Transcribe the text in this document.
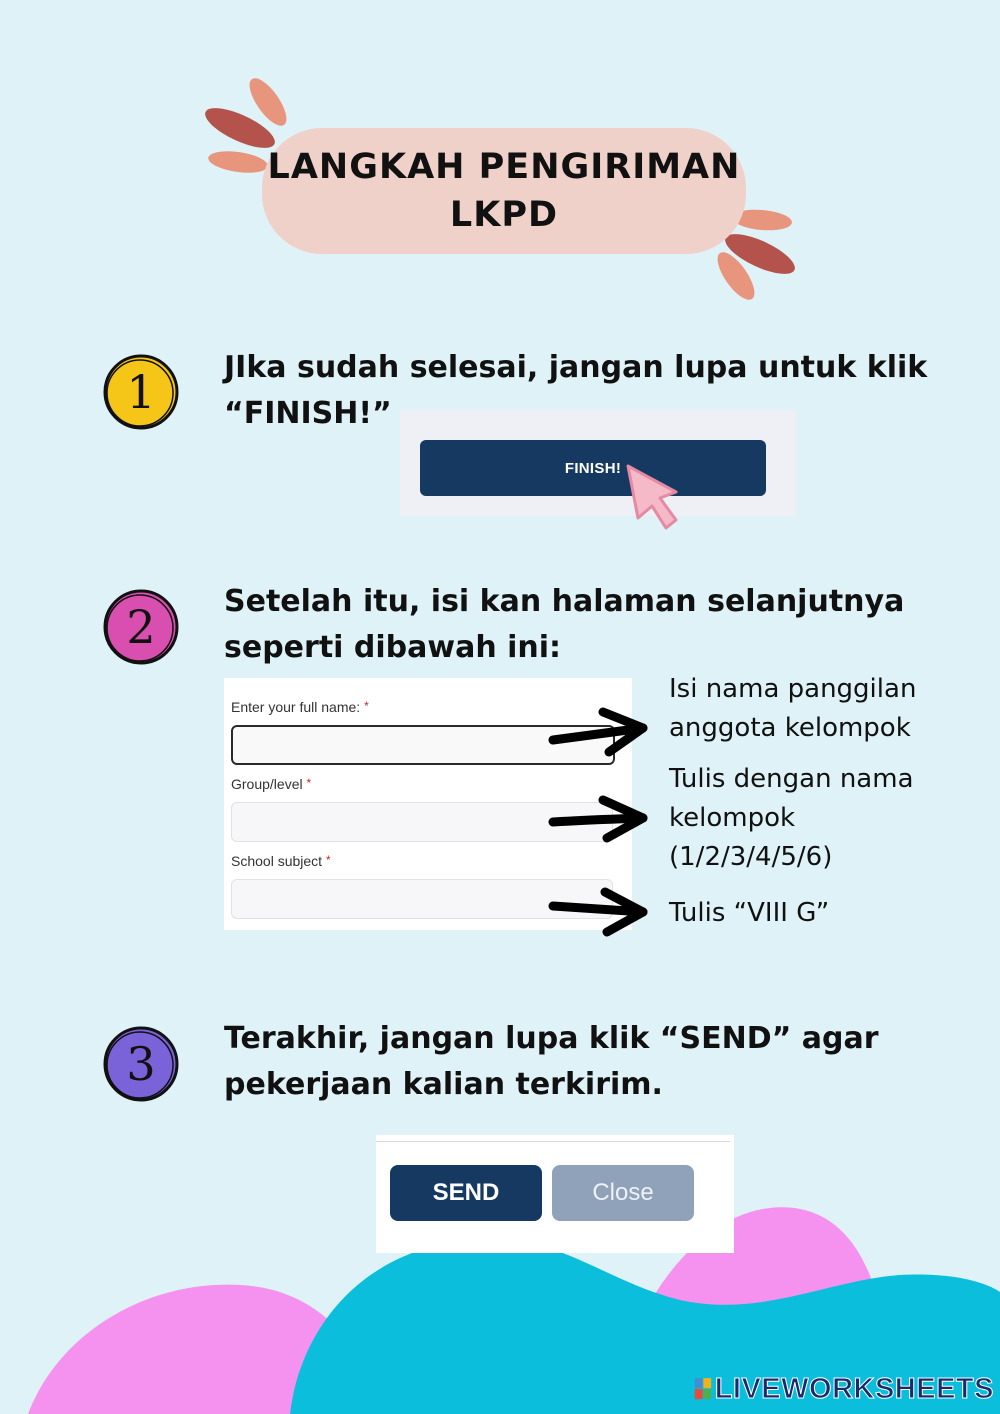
LANGKAH PENGIRIMAN
LKPD
1 JIka sudah selesai, jangan lupa untuk klik
“FINISH!”
FINISH!
2 Setelah itu, isi kan halaman selanjutnya
seperti dibawah ini:
Enter your full name: *
Group/level *
School subject *
Isi nama panggilan
anggota kelompok
Tulis dengan nama
kelompok
(1/2/3/4/5/6)
Tulis “VIII G”
3 Terakhir, jangan lupa klik “SEND” agar
pekerjaan kalian terkirim.
SEND	Close
LIVEWORKSHEETS
